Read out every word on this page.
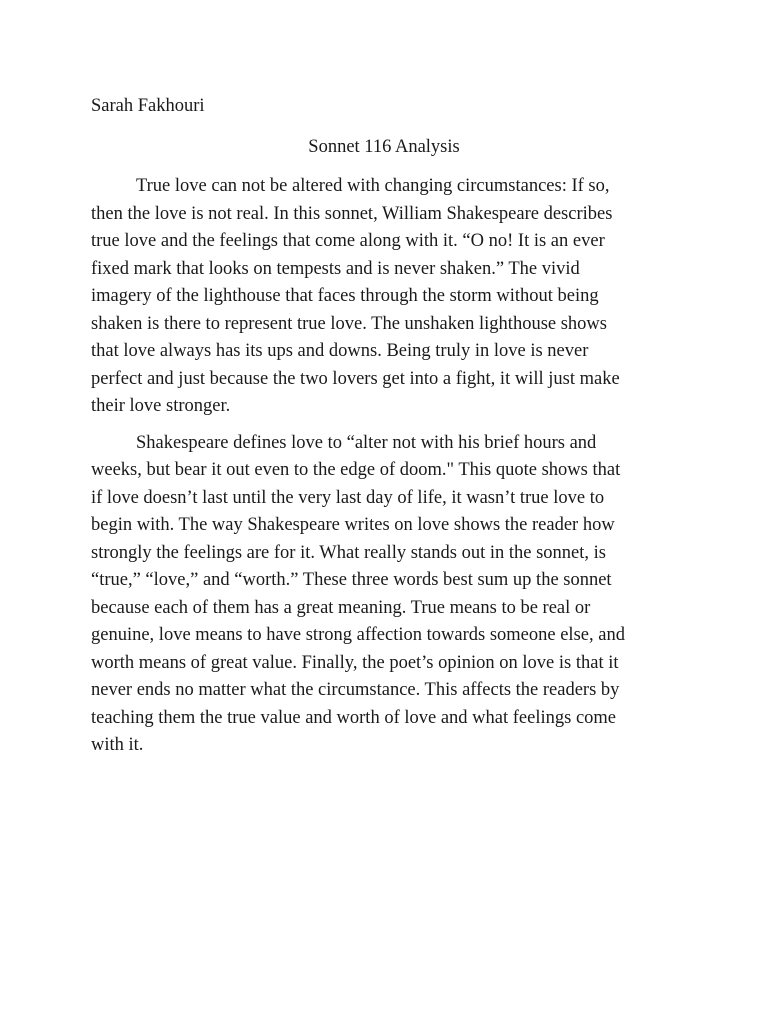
Sarah Fakhouri

Sonnet 116 Analysis
True love can not be altered with changing circumstances: If so,
then the love is not real. In this sonnet, William Shakespeare describes
true love and the feelings that come along with it. “O no! It is an ever
fixed mark that looks on tempests and is never shaken.” The vivid
imagery of the lighthouse that faces through the storm without being
shaken is there to represent true love. The unshaken lighthouse shows
that love always has its ups and downs. Being truly in love is never
perfect and just because the two lovers get into a fight, it will just make
their love stronger.
Shakespeare defines love to “alter not with his brief hours and
weeks, but bear it out even to the edge of doom." This quote shows that
if love doesn’t last until the very last day of life, it wasn’t true love to
begin with. The way Shakespeare writes on love shows the reader how
strongly the feelings are for it. What really stands out in the sonnet, is
“true,” “love,” and “worth.” These three words best sum up the sonnet
because each of them has a great meaning. True means to be real or
genuine, love means to have strong affection towards someone else, and
worth means of great value. Finally, the poet’s opinion on love is that it
never ends no matter what the circumstance. This affects the readers by
teaching them the true value and worth of love and what feelings come
with it.
